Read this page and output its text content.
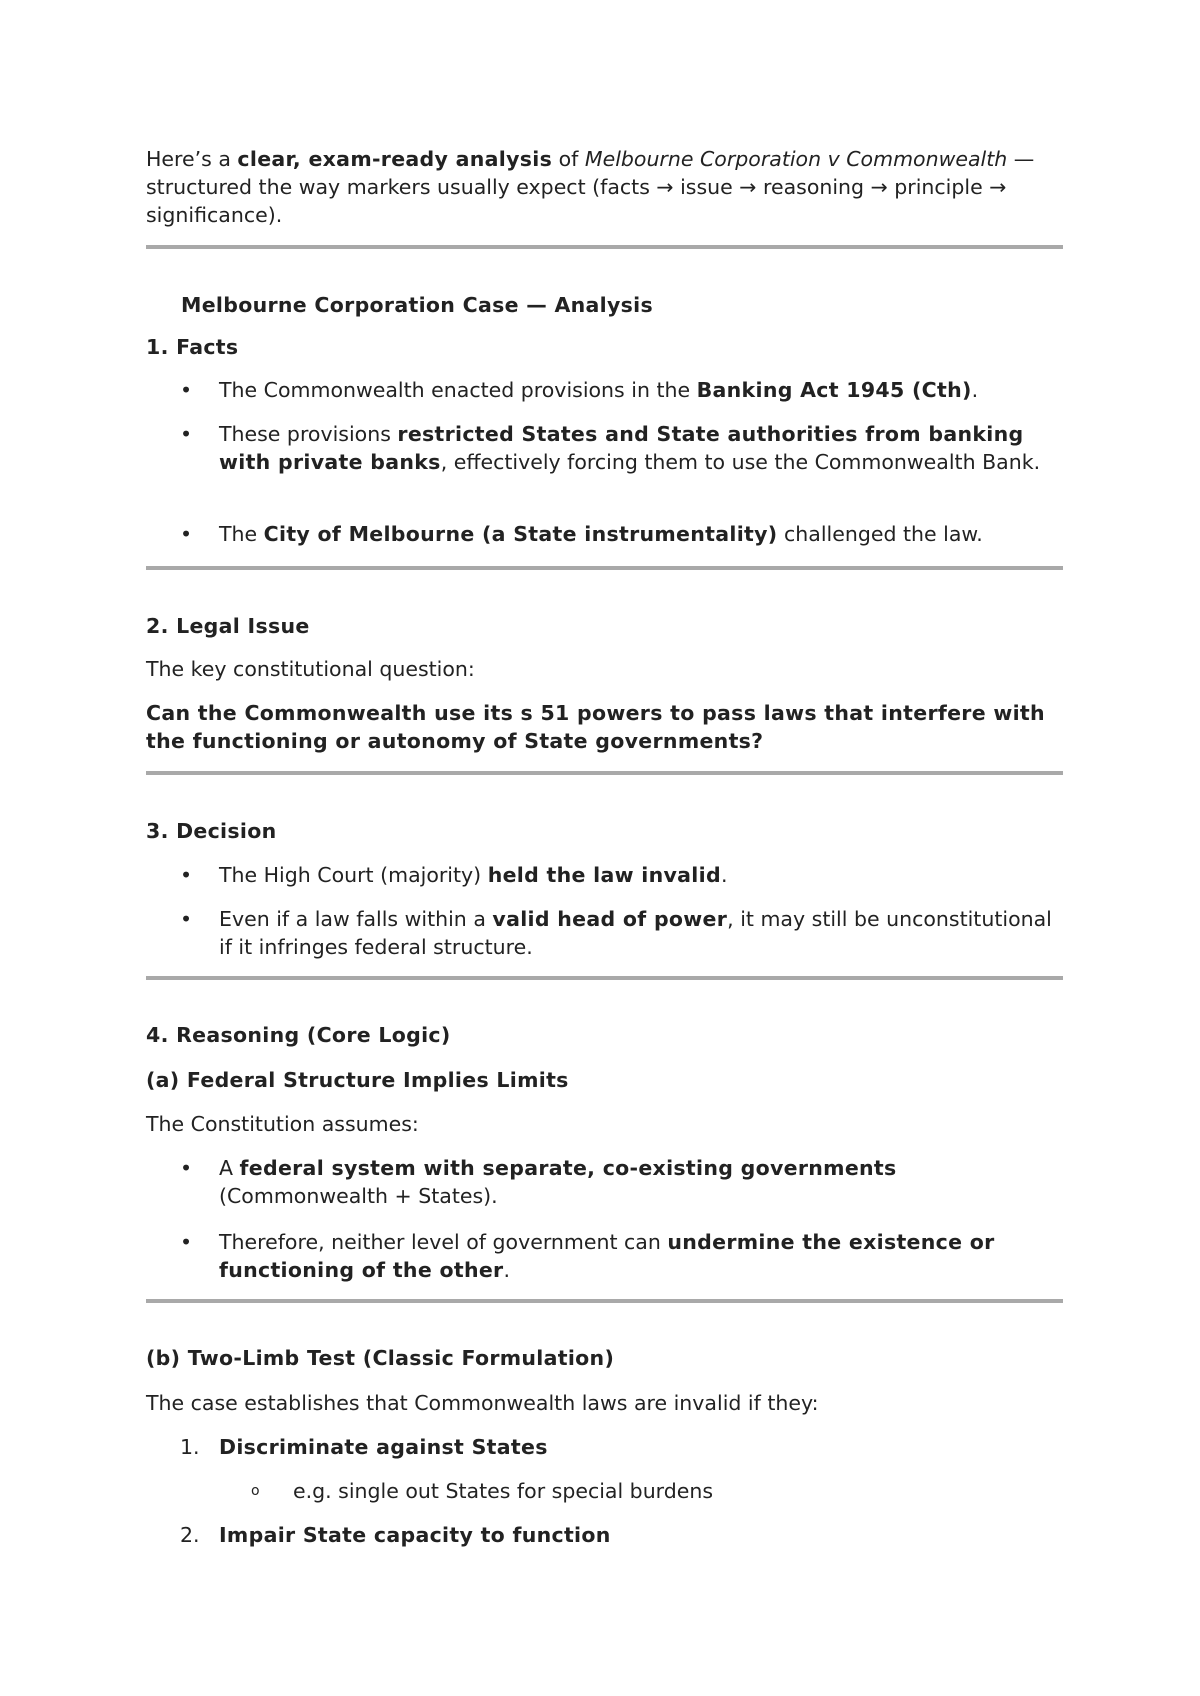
Here’s a clear, exam-ready analysis of Melbourne Corporation v Commonwealth — structured the way markers usually expect (facts → issue → reasoning → principle → significance).

Melbourne Corporation Case — Analysis

1. Facts

• The Commonwealth enacted provisions in the Banking Act 1945 (Cth).
• These provisions restricted States and State authorities from banking with private banks, effectively forcing them to use the Commonwealth Bank.
• The City of Melbourne (a State instrumentality) challenged the law.

2. Legal Issue

The key constitutional question:

Can the Commonwealth use its s 51 powers to pass laws that interfere with the functioning or autonomy of State governments?

3. Decision

• The High Court (majority) held the law invalid.
• Even if a law falls within a valid head of power, it may still be unconstitutional if it infringes federal structure.

4. Reasoning (Core Logic)

(a) Federal Structure Implies Limits

The Constitution assumes:

• A federal system with separate, co-existing governments (Commonwealth + States).
• Therefore, neither level of government can undermine the existence or functioning of the other.

(b) Two-Limb Test (Classic Formulation)

The case establishes that Commonwealth laws are invalid if they:

1. Discriminate against States
o e.g. single out States for special burdens
2. Impair State capacity to function
